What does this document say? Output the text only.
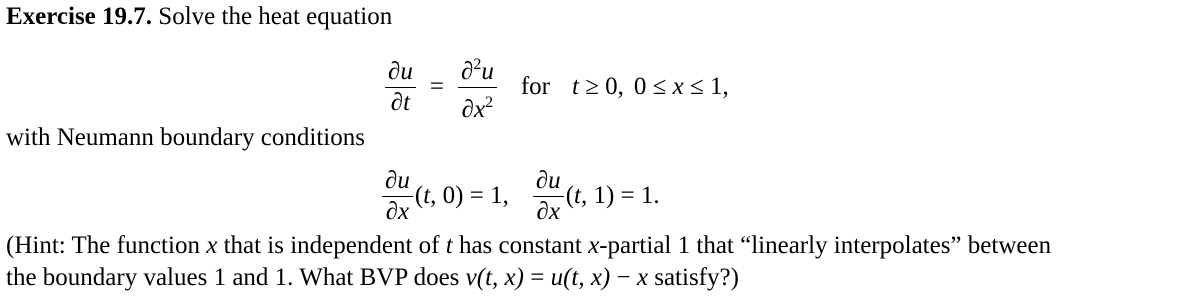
Exercise 19.7. Solve the heat equation
$\frac{\partial u}{\partial t} = \frac{\partial^2u}{\partial x^2}$ for t
≥ 0, 0 ≤
x
≤ 1,
with Neumann boundary conditions
$\frac{\partial u}{\partial x}$ ( t , 0) = 1, $\frac{\partial u}{\partial x}$ ( t , 1) = 1.
(Hint: The function x that is independent of t has constant x-partial 1 that “linearly interpolates” between
the boundary values 1 and 1. What BVP does v(t, x) = u(t, x) − x satisfy?)
